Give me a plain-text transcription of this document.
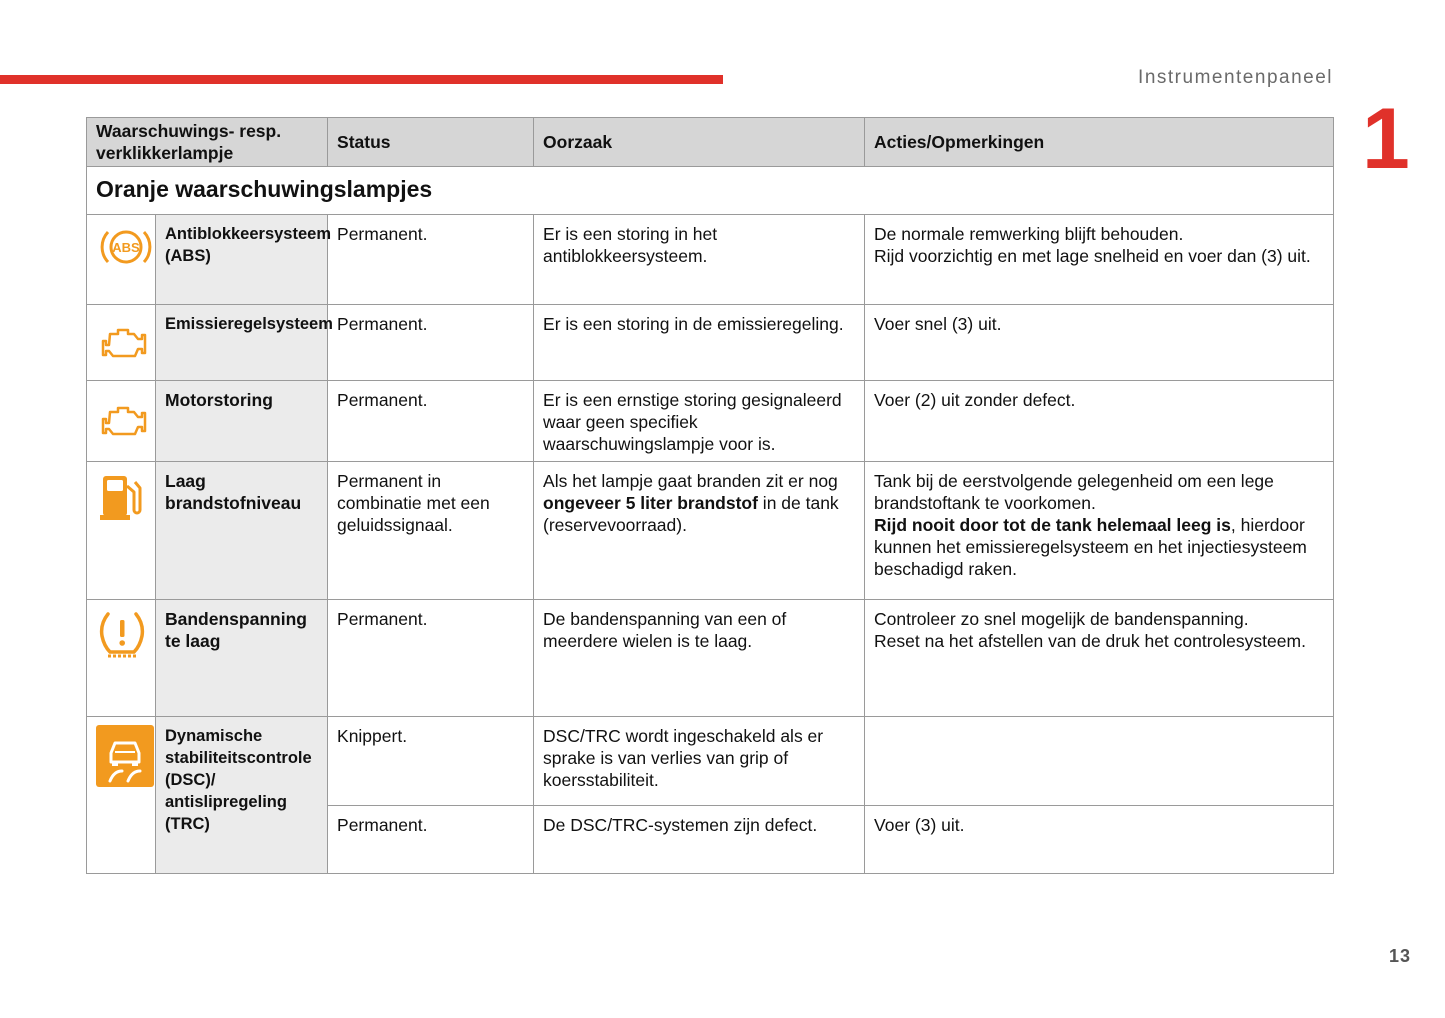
Instrumentenpaneel
1
Waarschuwings- resp. verklikkerlampje		Status	Oorzaak	Acties/Opmerkingen
Oranje waarschuwingslampjes				

ABS	Antiblokkeersysteem (ABS)	Permanent.	Er is een storing in het antiblokkeersysteem.	De normale remwerking blijft behouden.
Rijd voorzichtig en met lage snelheid en voer dan (3) uit.

	Emissieregelsysteem	Permanent.	Er is een storing in de emissieregeling.	Voer snel (3) uit.

	Motorstoring	Permanent.	Er is een ernstige storing gesignaleerd waar geen specifiek waarschuwingslampje voor is.	Voer (2) uit zonder defect.

	Laag brandstofniveau	Permanent in combinatie met een geluidssignaal.	Als het lampje gaat branden zit er nog ongeveer 5 liter brandstof in de tank (reservevoorraad).	Tank bij de eerstvolgende gelegenheid om een lege brandstoftank te voorkomen.
Rijd nooit door tot de tank helemaal leeg is, hierdoor kunnen het emissieregelsysteem en het injectiesysteem beschadigd raken.

	Bandenspanning te laag	Permanent.	De bandenspanning van een of meerdere wielen is te laag.	Controleer zo snel mogelijk de bandenspanning.
Reset na het afstellen van de druk het controlesysteem.

	Dynamische stabiliteitscontrole (DSC)/ antislipregeling (TRC)	Knippert.	DSC/TRC wordt ingeschakeld als er sprake is van verlies van grip of koersstabiliteit.	
		Permanent.	De DSC/TRC-systemen zijn defect.	Voer (3) uit.
13
